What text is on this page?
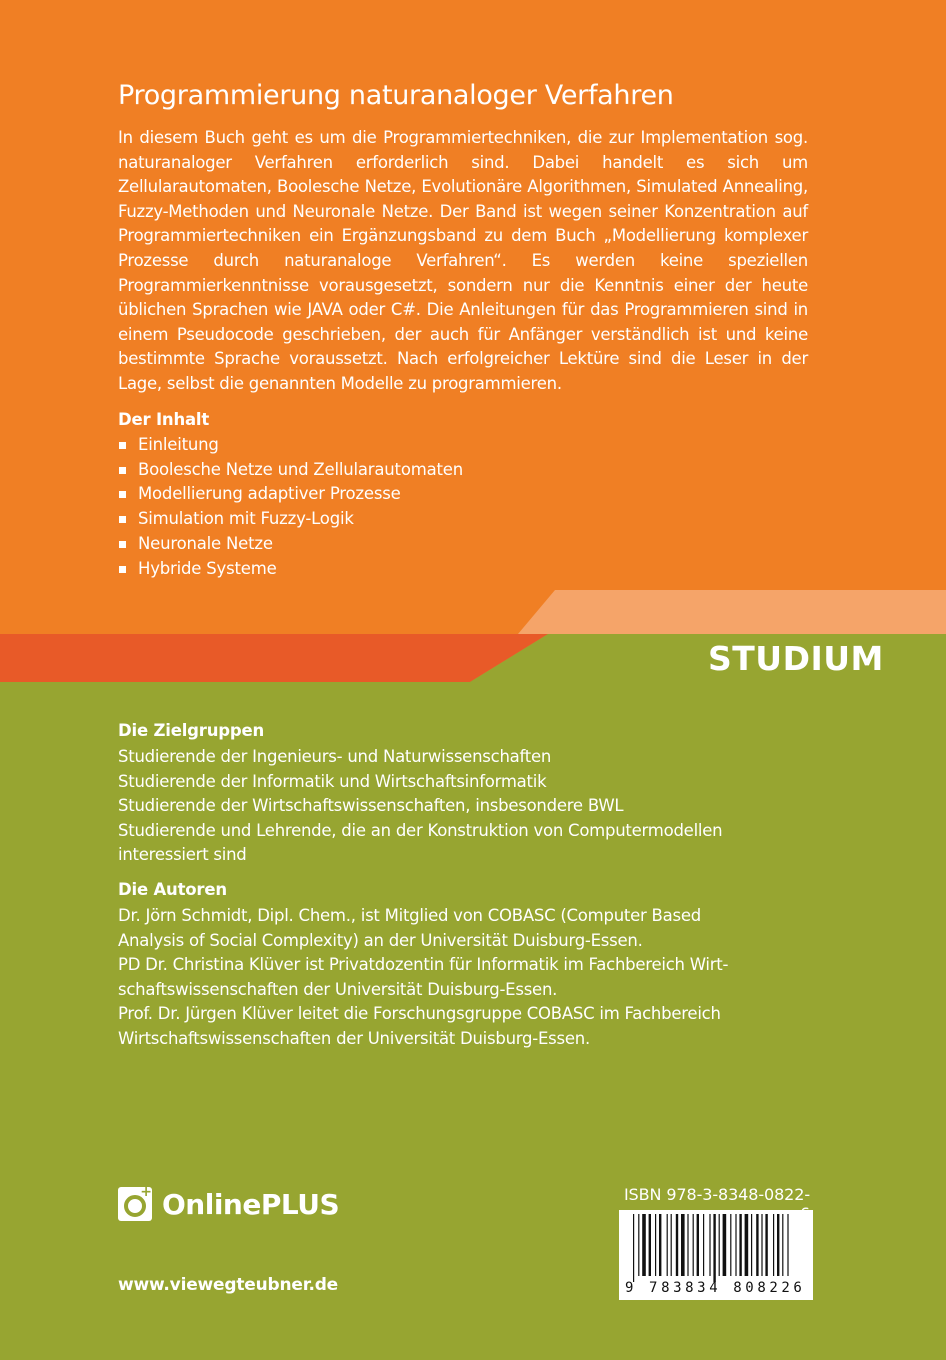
Programmierung naturanaloger Verfahren

In diesem Buch geht es um die Programmiertechniken, die zur Implementation sog. naturanaloger Verfahren erforderlich sind. Dabei handelt es sich um Zellularautomaten, Boolesche Netze, Evolutionäre Algorithmen, Simulated Annealing, Fuzzy-Methoden und Neuronale Netze. Der Band ist wegen seiner Konzentration auf Programmiertechniken ein Ergänzungsband zu dem Buch „Modellierung komplexer Prozesse durch naturanaloge Verfahren“. Es werden keine speziellen Programmierkenntnisse vorausgesetzt, sondern nur die Kenntnis einer der heute üblichen Sprachen wie JAVA oder C#. Die Anleitungen für das Programmieren sind in einem Pseudocode geschrieben, der auch für Anfänger verständlich ist und keine bestimmte Sprache voraussetzt. Nach erfolgreicher Lektüre sind die Leser in der Lage, selbst die genannten Modelle zu programmieren.

Der Inhalt
Einleitung
Boolesche Netze und Zellularautomaten
Modellierung adaptiver Prozesse
Simulation mit Fuzzy-Logik
Neuronale Netze
Hybride Systeme
STUDIUM
Die Zielgruppen
Studierende der Ingenieurs- und Naturwissenschaften
Studierende der Informatik und Wirtschaftsinformatik
Studierende der Wirtschaftswissenschaften, insbesondere BWL
Studierende und Lehrende, die an der Konstruktion von Computermodellen
interessiert sind
Die Autoren
Dr. Jörn Schmidt, Dipl. Chem., ist Mitglied von COBASC (Computer Based
Analysis of Social Complexity) an der Universität Duisburg-Essen.
PD Dr. Christina Klüver ist Privatdozentin für Informatik im Fachbereich Wirt-
schaftswissenschaften der Universität Duisburg-Essen.
Prof. Dr. Jürgen Klüver leitet die Forschungsgruppe COBASC im Fachbereich
Wirtschaftswissenschaften der Universität Duisburg-Essen.
+ OnlinePLUS
www.viewegteubner.de
ISBN 978-3-8348-0822-
9 783834 808226
